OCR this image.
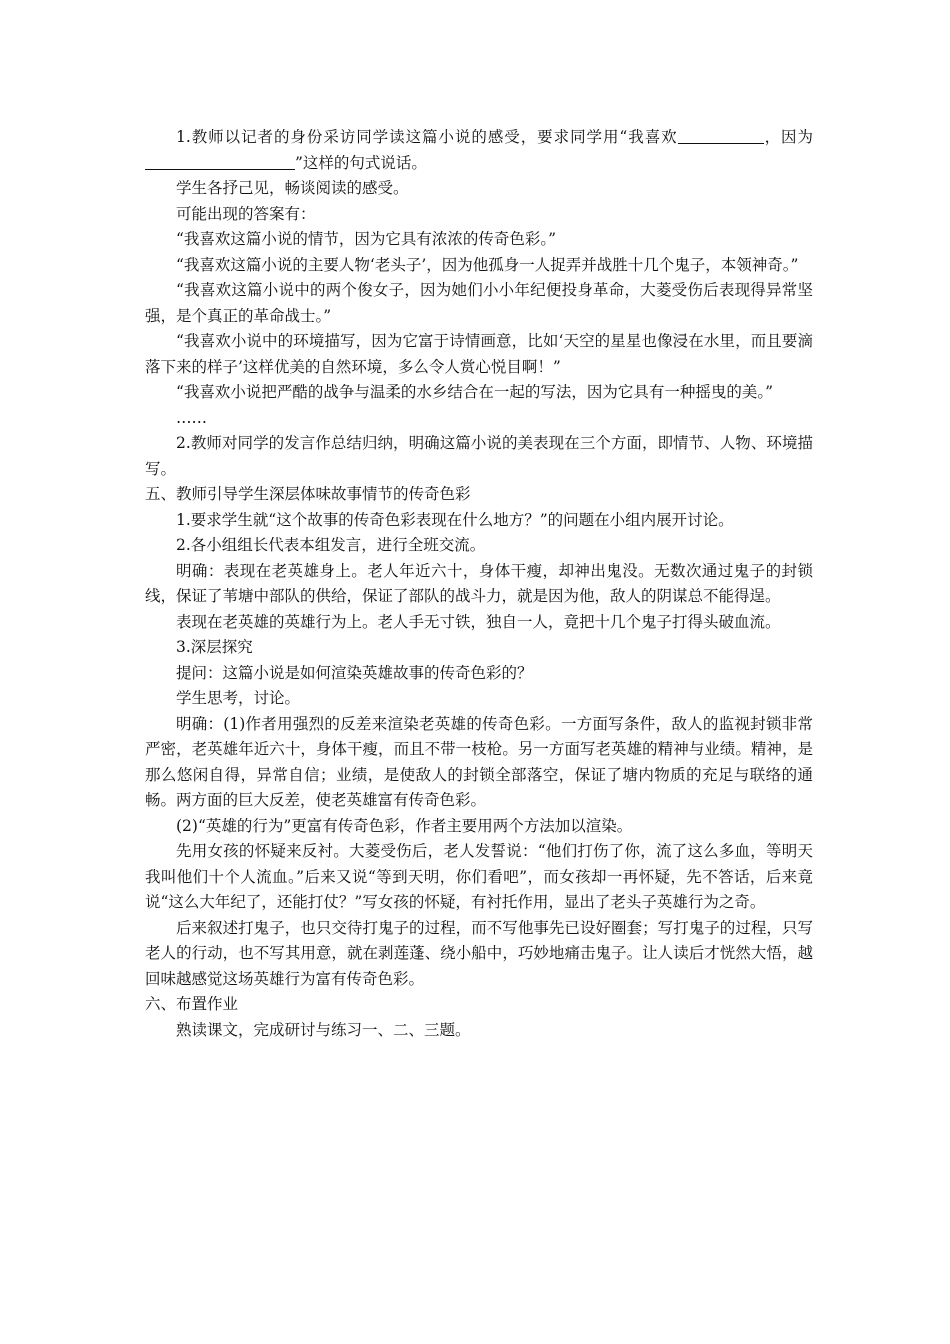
1.教师以记者的身份采访同学读这篇小说的感受，要求同学用“我喜欢	，因为”这样的句式说话。

学生各抒己见，畅谈阅读的感受。

可能出现的答案有：

“我喜欢这篇小说的情节，因为它具有浓浓的传奇色彩。”

“我喜欢这篇小说的主要人物‘老头子’，因为他孤身一人捉弄并战胜十几个鬼子，本领神奇。”

“我喜欢这篇小说中的两个俊女子，因为她们小小年纪便投身革命，大菱受伤后表现得异常坚强，是个真正的革命战士。”

“我喜欢小说中的环境描写，因为它富于诗情画意，比如‘天空的星星也像浸在水里，而且要滴落下来的样子’这样优美的自然环境，多么令人赏心悦目啊！”

“我喜欢小说把严酷的战争与温柔的水乡结合在一起的写法，因为它具有一种摇曳的美。”

……

2.教师对同学的发言作总结归纳，明确这篇小说的美表现在三个方面，即情节、人物、环境描写。

五、教师引导学生深层体味故事情节的传奇色彩

1.要求学生就“这个故事的传奇色彩表现在什么地方？”的问题在小组内展开讨论。

2.各小组组长代表本组发言，进行全班交流。

明确：表现在老英雄身上。老人年近六十，身体干瘦，却神出鬼没。无数次通过鬼子的封锁线，保证了苇塘中部队的供给，保证了部队的战斗力，就是因为他，敌人的阴谋总不能得逞。

表现在老英雄的英雄行为上。老人手无寸铁，独自一人，竟把十几个鬼子打得头破血流。

3.深层探究

提问：这篇小说是如何渲染英雄故事的传奇色彩的？

学生思考，讨论。

明确：(1)作者用强烈的反差来渲染老英雄的传奇色彩。一方面写条件，敌人的监视封锁非常严密，老英雄年近六十，身体干瘦，而且不带一枝枪。另一方面写老英雄的精神与业绩。精神，是那么悠闲自得，异常自信；业绩，是使敌人的封锁全部落空，保证了塘内物质的充足与联络的通畅。两方面的巨大反差，使老英雄富有传奇色彩。

(2)“英雄的行为”更富有传奇色彩，作者主要用两个方法加以渲染。

先用女孩的怀疑来反衬。大菱受伤后，老人发誓说：“他们打伤了你，流了这么多血，等明天我叫他们十个人流血。”后来又说“等到天明，你们看吧”，而女孩却一再怀疑，先不答话，后来竟说“这么大年纪了，还能打仗？”写女孩的怀疑，有衬托作用，显出了老头子英雄行为之奇。

后来叙述打鬼子，也只交待打鬼子的过程，而不写他事先已设好圈套；写打鬼子的过程，只写老人的行动，也不写其用意，就在剥莲蓬、绕小船中，巧妙地痛击鬼子。让人读后才恍然大悟，越回味越感觉这场英雄行为富有传奇色彩。

六、布置作业

熟读课文，完成研讨与练习一、二、三题。
